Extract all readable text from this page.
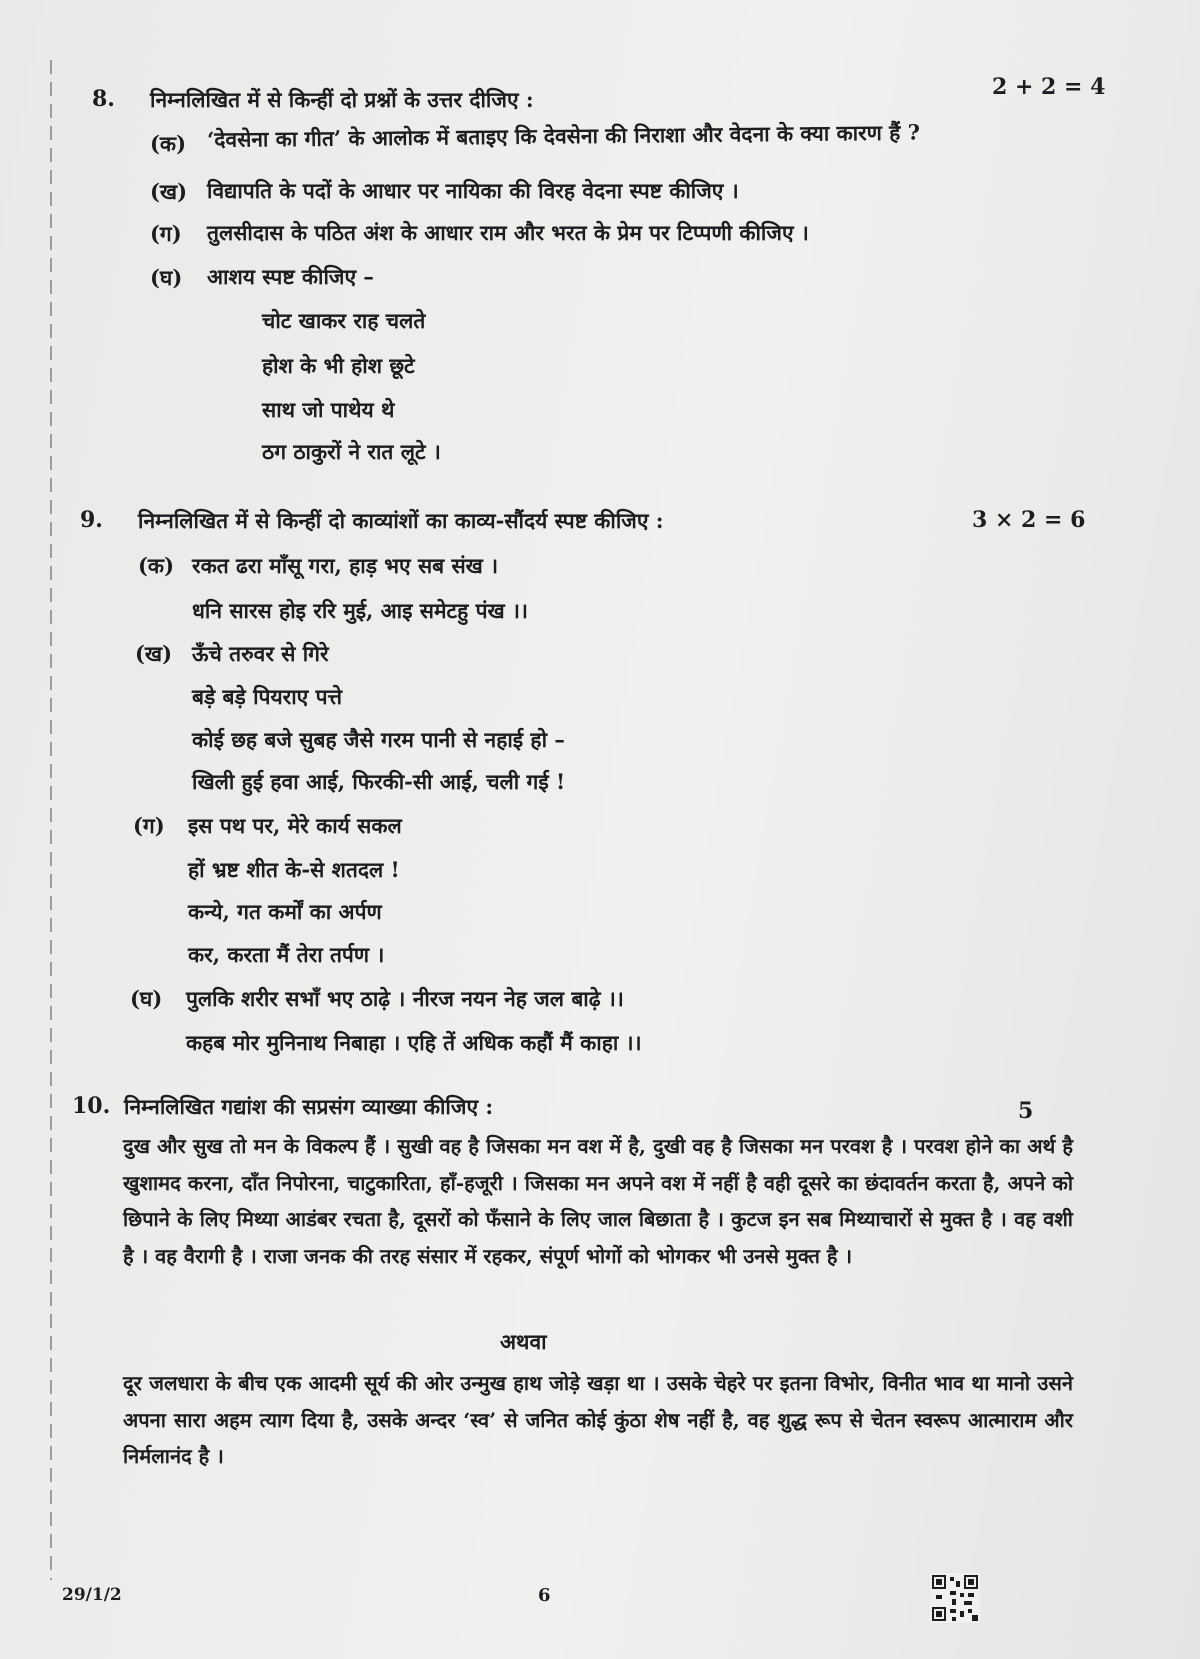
8. निम्नलिखित में से किन्हीं दो प्रश्नों के उत्तर दीजिए :	2 + 2 = 4
(क) ‘देवसेना का गीत’ के आलोक में बताइए कि देवसेना की निराशा और वेदना के क्या कारण हैं ?
(ख) विद्यापति के पदों के आधार पर नायिका की विरह वेदना स्पष्ट कीजिए ।
(ग) तुलसीदास के पठित अंश के आधार राम और भरत के प्रेम पर टिप्पणी कीजिए ।
(घ) आशय स्पष्ट कीजिए –
चोट खाकर राह चलते
होश के भी होश छूटे
साथ जो पाथेय थे
ठग ठाकुरों ने रात लूटे ।
9. निम्नलिखित में से किन्हीं दो काव्यांशों का काव्य-सौंदर्य स्पष्ट कीजिए :	3 × 2 = 6
(क) रकत ढरा माँसू गरा, हाड़ भए सब संख ।
धनि सारस होइ ररि मुई, आइ समेटहु पंख ।।
(ख) ऊँचे तरुवर से गिरे
बड़े बड़े पियराए पत्ते
कोई छह बजे सुबह जैसे गरम पानी से नहाई हो –
खिली हुई हवा आई, फिरकी-सी आई, चली गई !
(ग) इस पथ पर, मेरे कार्य सकल
हों भ्रष्ट शीत के-से शतदल !
कन्ये, गत कर्मों का अर्पण
कर, करता मैं तेरा तर्पण ।
(घ) पुलकि शरीर सभाँ भए ठाढ़े । नीरज नयन नेह जल बाढ़े ।।
कहब मोर मुनिनाथ निबाहा । एहि तें अधिक कहौं मैं काहा ।।
10. निम्नलिखित गद्यांश की सप्रसंग व्याख्या कीजिए :	5
दुख और सुख तो मन के विकल्प हैं । सुखी वह है जिसका मन वश में है, दुखी वह है जिसका मन परवश है । परवश होने का अर्थ है खुशामद करना, दाँत निपोरना, चाटुकारिता, हाँ-हजूरी । जिसका मन अपने वश में नहीं है वही दूसरे का छंदावर्तन करता है, अपने को छिपाने के लिए मिथ्या आडंबर रचता है, दूसरों को फँसाने के लिए जाल बिछाता है । कुटज इन सब मिथ्याचारों से मुक्त है । वह वशी है । वह वैरागी है । राजा जनक की तरह संसार में रहकर, संपूर्ण भोगों को भोगकर भी उनसे मुक्त है ।
अथवा
दूर जलधारा के बीच एक आदमी सूर्य की ओर उन्मुख हाथ जोड़े खड़ा था । उसके चेहरे पर इतना विभोर, विनीत भाव था मानो उसने अपना सारा अहम त्याग दिया है, उसके अन्दर ‘स्व’ से जनित कोई कुंठा शेष नहीं है, वह शुद्ध रूप से चेतन स्वरूप आत्माराम और निर्मलानंद है ।
29/1/2	6
